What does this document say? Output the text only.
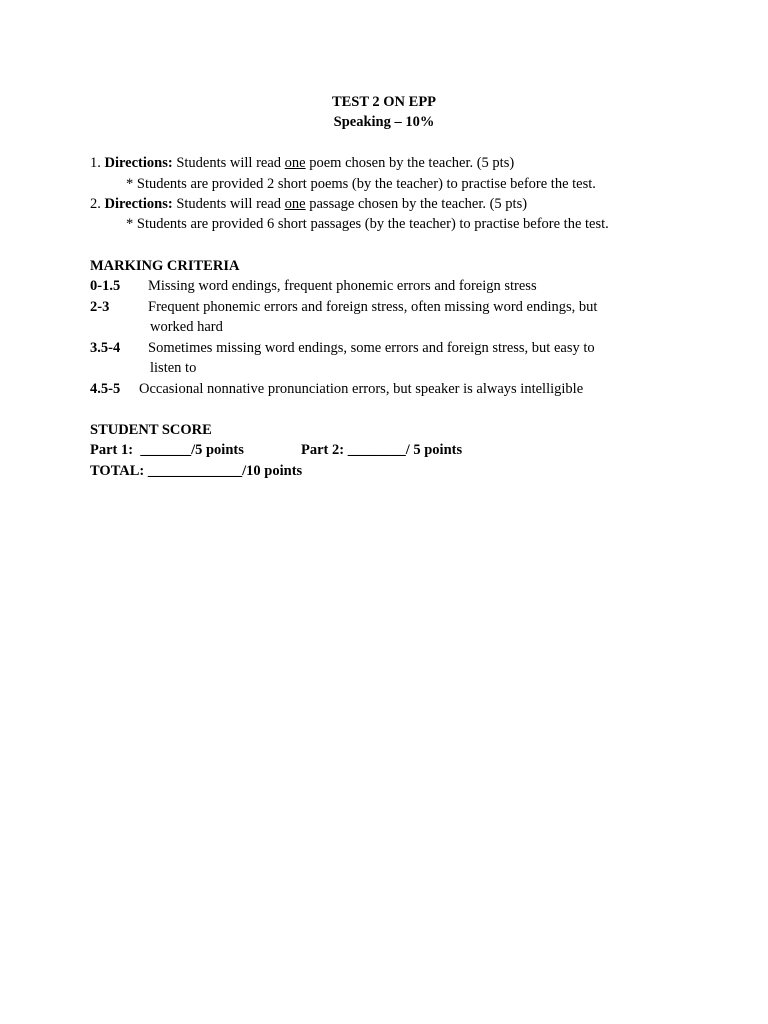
TEST 2 ON EPP
Speaking – 10%
1. Directions: Students will read one poem chosen by the teacher. (5 pts)
* Students are provided 2 short poems (by the teacher) to practise before the test.
2. Directions: Students will read one passage chosen by the teacher. (5 pts)
* Students are provided 6 short passages (by the teacher) to practise before the test.
MARKING CRITERIA
0-1.5 Missing word endings, frequent phonemic errors and foreign stress
2-3	Frequent phonemic errors and foreign stress, often missing word endings, but
worked hard
3.5-4 Sometimes missing word endings, some errors and foreign stress, but easy to
listen to
4.5-5 Occasional nonnative pronunciation errors, but speaker is always intelligible
STUDENT SCORE
Part 1:  _______/5 points	Part 2: ________/ 5 points
TOTAL: _____________/10 points
